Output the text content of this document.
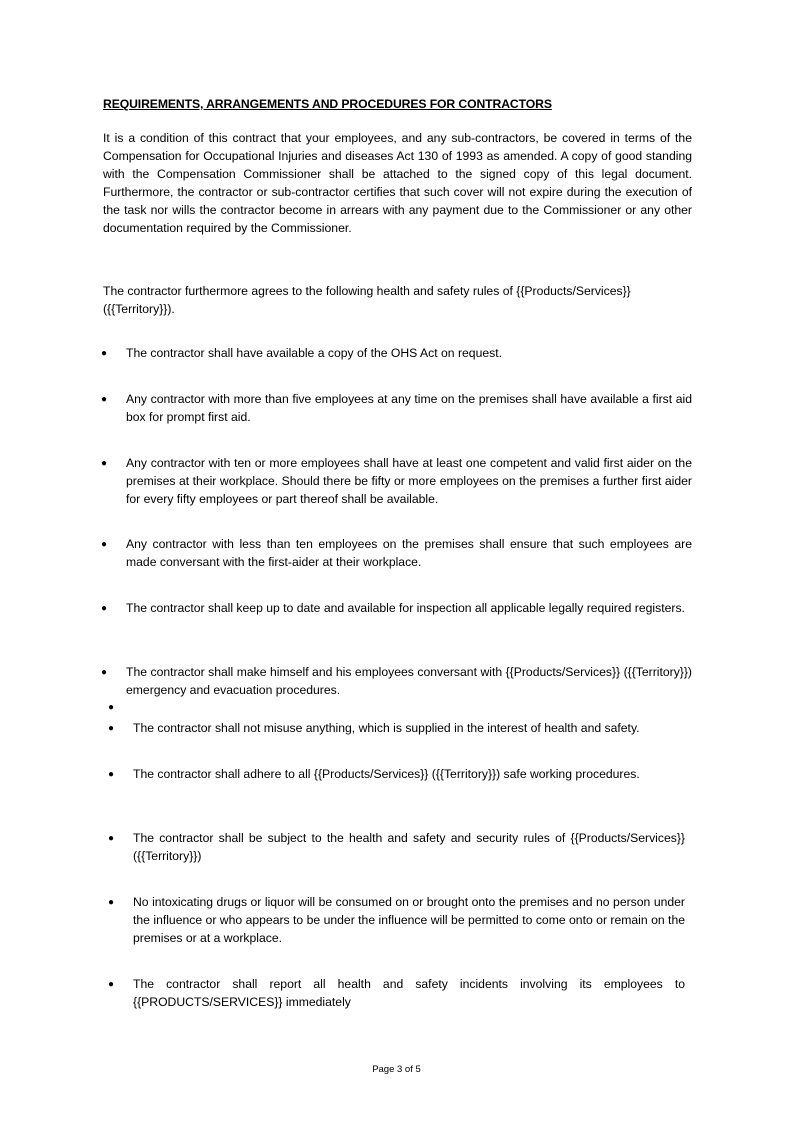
REQUIREMENTS, ARRANGEMENTS AND PROCEDURES FOR CONTRACTORS
It is a condition of this contract that your employees, and any sub-contractors, be covered in terms of the Compensation for Occupational Injuries and diseases Act 130 of 1993 as amended. A copy of good standing with the Compensation Commissioner shall be attached to the signed copy of this legal document. Furthermore, the contractor or sub-contractor certifies that such cover will not expire during the execution of the task nor wills the contractor become in arrears with any payment due to the Commissioner or any other documentation required by the Commissioner.
The contractor furthermore agrees to the following health and safety rules of {{Products/Services}} ({{Territory}}).
● The contractor shall have available a copy of the OHS Act on request.
● Any contractor with more than five employees at any time on the premises shall have available a first aid box for prompt first aid.
● Any contractor with ten or more employees shall have at least one competent and valid first aider on the premises at their workplace. Should there be fifty or more employees on the premises a further first aider for every fifty employees or part thereof shall be available.
● Any contractor with less than ten employees on the premises shall ensure that such employees are made conversant with the first-aider at their workplace.
● The contractor shall keep up to date and available for inspection all applicable legally required registers.
● The contractor shall make himself and his employees conversant with {{Products/Services}} ({{Territory}}) emergency and evacuation procedures.
●
● The contractor shall not misuse anything, which is supplied in the interest of health and safety.
● The contractor shall adhere to all {{Products/Services}} ({{Territory}}) safe working procedures.
● The contractor shall be subject to the health and safety and security rules of {{Products/Services}} ({{Territory}})
● No intoxicating drugs or liquor will be consumed on or brought onto the premises and no person under the influence or who appears to be under the influence will be permitted to come onto or remain on the premises or at a workplace.
● The contractor shall report all health and safety incidents involving its employees to {{PRODUCTS/SERVICES}} immediately
Page 3 of 5
